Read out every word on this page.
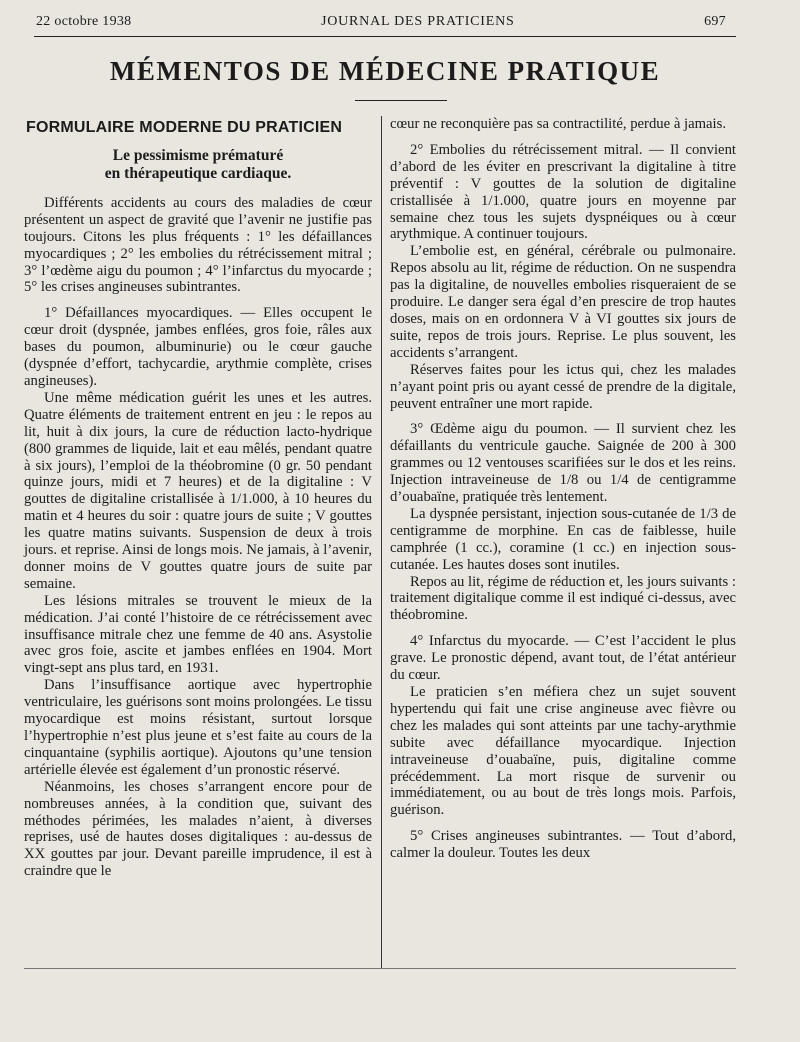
22 octobre 1938	JOURNAL DES PRATICIENS	697
MÉMENTOS DE MÉDECINE PRATIQUE
FORMULAIRE MODERNE DU PRATICIEN
Le pessimisme prématuré
en thérapeutique cardiaque.

Différents accidents au cours des maladies de cœur présentent un aspect de gravité que l’avenir ne justifie pas toujours. Citons les plus fréquents : 1° les défaillances myocardiques ; 2° les embolies du rétrécissement mitral ; 3° l’œdème aigu du poumon ; 4° l’infarctus du myocarde ; 5° les crises angineuses subintrantes.

1° Défaillances myocardiques. — Elles occupent le cœur droit (dyspnée, jambes enflées, gros foie, râles aux bases du poumon, albuminurie) ou le cœur gauche (dyspnée d’effort, tachycardie, arythmie complète, crises angineuses).

Une même médication guérit les unes et les autres. Quatre éléments de traitement entrent en jeu : le repos au lit, huit à dix jours, la cure de réduction lacto-hydrique (800 grammes de liquide, lait et eau mêlés, pendant quatre à six jours), l’emploi de la théobromine (0 gr. 50 pendant quinze jours, midi et 7 heures) et de la digitaline : V gouttes de digitaline cristallisée à 1/1.000, à 10 heures du matin et 4 heures du soir : quatre jours de suite ; V gouttes les quatre matins suivants. Suspension de deux à trois jours. et reprise. Ainsi de longs mois. Ne jamais, à l’avenir, donner moins de V gouttes quatre jours de suite par semaine.

Les lésions mitrales se trouvent le mieux de la médication. J’ai conté l’histoire de ce rétrécissement avec insuffisance mitrale chez une femme de 40 ans. Asystolie avec gros foie, ascite et jambes enflées en 1904. Mort vingt-sept ans plus tard, en 1931.

Dans l’insuffisance aortique avec hypertrophie ventriculaire, les guérisons sont moins prolongées. Le tissu myocardique est moins résistant, surtout lorsque l’hypertrophie n’est plus jeune et s’est faite au cours de la cinquantaine (syphilis aortique). Ajoutons qu’une tension artérielle élevée est également d’un pronostic réservé.

Néanmoins, les choses s’arrangent encore pour de nombreuses années, à la condition que, suivant des méthodes périmées, les malades n’aient, à diverses reprises, usé de hautes doses digitaliques : au-dessus de XX gouttes par jour. Devant pareille imprudence, il est à craindre que le

cœur ne reconquière pas sa contractilité, perdue à jamais.

2° Embolies du rétrécissement mitral. — Il convient d’abord de les éviter en prescrivant la digitaline à titre préventif : V gouttes de la solution de digitaline cristallisée à 1/1.000, quatre jours en moyenne par semaine chez tous les sujets dyspnéiques ou à cœur arythmique. A continuer toujours.

L’embolie est, en général, cérébrale ou pulmonaire. Repos absolu au lit, régime de réduction. On ne suspendra pas la digitaline, de nouvelles embolies risqueraient de se produire. Le danger sera égal d’en prescire de trop hautes doses, mais on en ordonnera V à VI gouttes six jours de suite, repos de trois jours. Reprise. Le plus souvent, les accidents s’arrangent.

Réserves faites pour les ictus qui, chez les malades n’ayant point pris ou ayant cessé de prendre de la digitale, peuvent entraîner une mort rapide.

3° Œdème aigu du poumon. — Il survient chez les défaillants du ventricule gauche. Saignée de 200 à 300 grammes ou 12 ventouses scarifiées sur le dos et les reins. Injection intraveineuse de 1/8 ou 1/4 de centigramme d’ouabaïne, pratiquée très lentement.

La dyspnée persistant, injection sous-cutanée de 1/3 de centigramme de morphine. En cas de faiblesse, huile camphrée (1 cc.), coramine (1 cc.) en injection sous-cutanée. Les hautes doses sont inutiles.

Repos au lit, régime de réduction et, les jours suivants : traitement digitalique comme il est indiqué ci-dessus, avec théobromine.

4° Infarctus du myocarde. — C’est l’accident le plus grave. Le pronostic dépend, avant tout, de l’état antérieur du cœur.

Le praticien s’en méfiera chez un sujet souvent hypertendu qui fait une crise angineuse avec fièvre ou chez les malades qui sont atteints par une tachy-arythmie subite avec défaillance myocardique. Injection intraveineuse d’ouabaïne, puis, digitaline comme précédemment. La mort risque de survenir ou immédiatement, ou au bout de très longs mois. Parfois, guérison.

5° Crises angineuses subintrantes. — Tout d’abord, calmer la douleur. Toutes les deux
